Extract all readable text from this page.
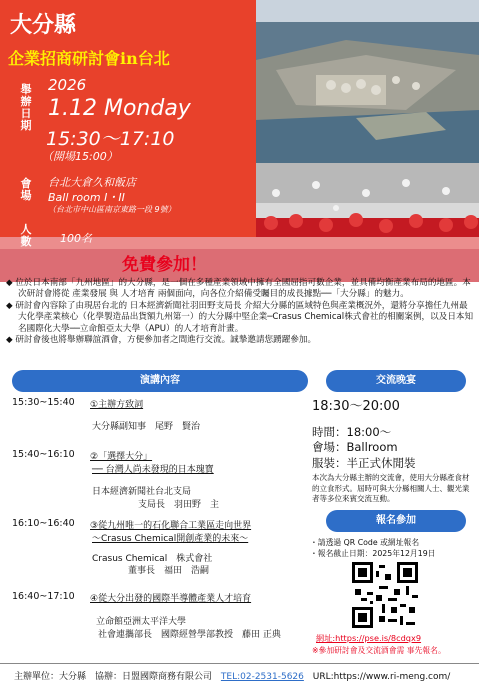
大分縣
企業招商研討會in台北
舉辦日期
2026
1.12 Monday
15:30～17:10
（開場15:00）
會場
台北大倉久和飯店
Ball room I・II
（台北市中山區南京東路一段 9號）
人數	100名
免費參加！

◆ 位於日本南部「九州地區」的大分縣，是一個在多種產業領域中擁有全國屈指可數企業，並具備均衡產業布局的地區。本次研討會將從 產業發展 與 人才培育 兩個面向，向各位介紹備受矚目的成長據點──「大分縣」的魅力。

◆ 研討會內容除了由現居台北的 日本經濟新聞社羽田野支局長 介紹大分縣的區域特色與產業概況外，還將分享擔任九州最大化學產業核心（化學製造品出貨額九州第一）的大分縣中堅企業─Crasus Chemical株式會社的相關案例，以及日本知名國際化大學──立命館亞太大學（APU）的人才培育計畫。

◆ 研討會後也將舉辦聯誼酒會，方便參加者之間進行交流。誠摯邀請您踴躍參加。

演講內容
15:30~15:40 ①主辦方致詞
大分縣副知事　尾野　賢治
15:40~16:10 ②「選擇大分」
── 台灣人尚未發現的日本瑰寶
日本經濟新聞社台北支局
支局長　羽田野　主
16:10~16:40 ③從九州唯一的石化聯合工業區走向世界
〜Crasus Chemical開創產業的未來〜
Crasus Chemical　株式會社
董事長　福田　浩嗣
16:40~17:10 ④從大分出發的國際半導體產業人才培育
立命館亞洲太平洋大學
社會連攜部長　國際經營學部教授　藤田 正典
交流晚宴
18:30～20:00
時間：18:00～
會場：Ballroom
服裝：半正式休閒裝
本次為大分縣主辦的交流會，使用大分縣產食材的立食形式。屆時可與大分縣相關人士、觀光業者等多位來賓交流互動。
報名參加
・請透過 QR Code 或網址報名
・報名截止日期：2025年12月19日
網址:https://pse.is/8cdqx9
※參加研討會及交流酒會需 事先報名。
主辦單位：大分縣　協辦：日盟國際商務有限公司 TEL:02-2531-5626 URL:https://www.ri-meng.com/
